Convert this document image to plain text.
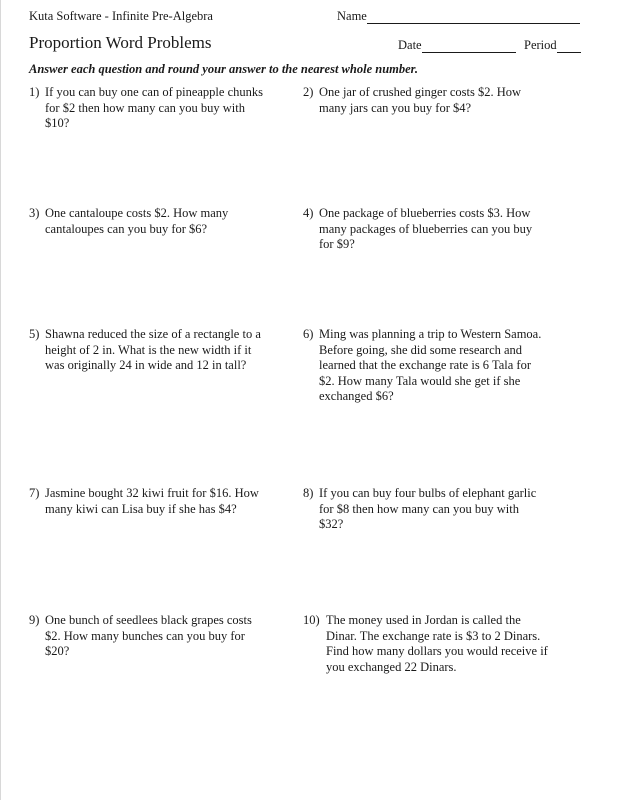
Kuta Software - Infinite Pre-Algebra	Name
Proportion Word Problems	Date	Period
Answer each question and round your answer to the nearest whole number.
1) If you can buy one can of pineapple chunks
for $2 then how many can you buy with
$10?
3) One cantaloupe costs $2. How many
cantaloupes can you buy for $6?
5) Shawna reduced the size of a rectangle to a
height of 2 in. What is the new width if it
was originally 24 in wide and 12 in tall?
7) Jasmine bought 32 kiwi fruit for $16. How
many kiwi can Lisa buy if she has $4?
9) One bunch of seedlees black grapes costs
$2. How many bunches can you buy for
$20?
2) One jar of crushed ginger costs $2. How
many jars can you buy for $4?
4) One package of blueberries costs $3. How
many packages of blueberries can you buy
for $9?
6) Ming was planning a trip to Western Samoa.
Before going, she did some research and
learned that the exchange rate is 6 Tala for
$2. How many Tala would she get if she
exchanged $6?
8) If you can buy four bulbs of elephant garlic
for $8 then how many can you buy with
$32?
10) The money used in Jordan is called the
Dinar. The exchange rate is $3 to 2 Dinars.
Find how many dollars you would receive if
you exchanged 22 Dinars.
